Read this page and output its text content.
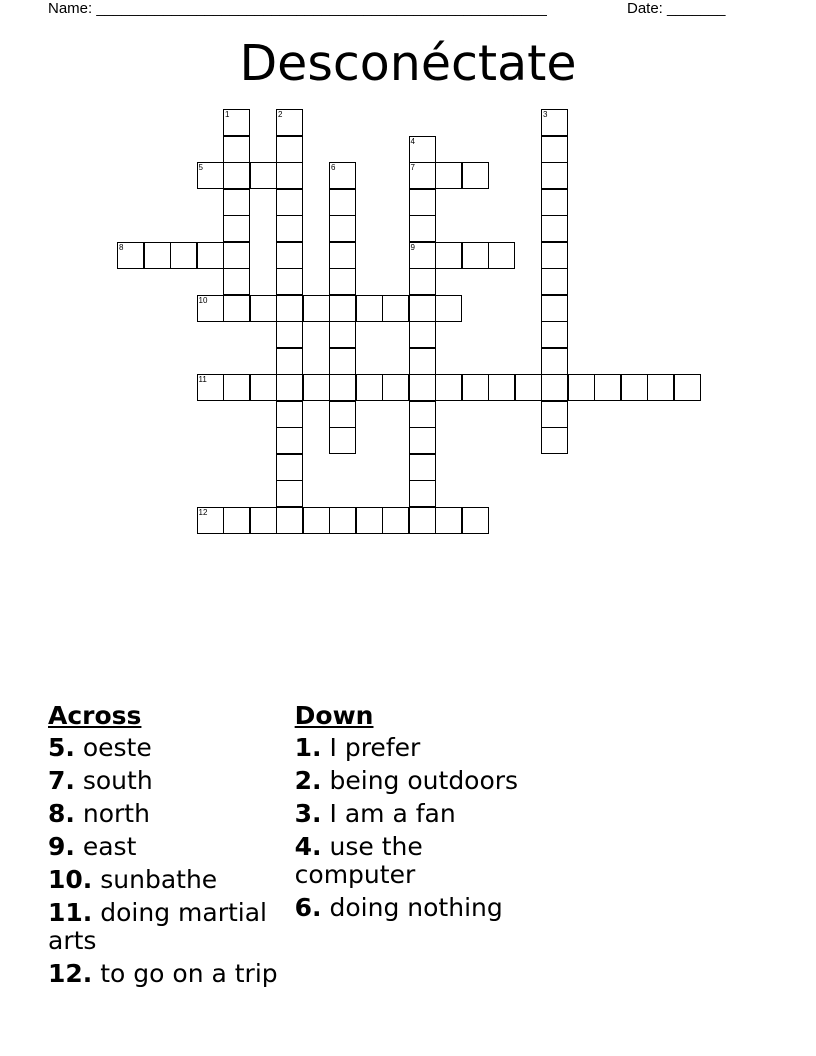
Name: ______________________________________________________	Date: _______
Desconéctate
1	2	3
4
7
9
6
5
8
10
11
12
Across
5. oeste
7. south
8. north
9. east
10. sunbathe
11. doing martial arts
12. to go on a trip
Down
1. I prefer
2. being outdoors
3. I am a fan
4. use the computer
6. doing nothing
